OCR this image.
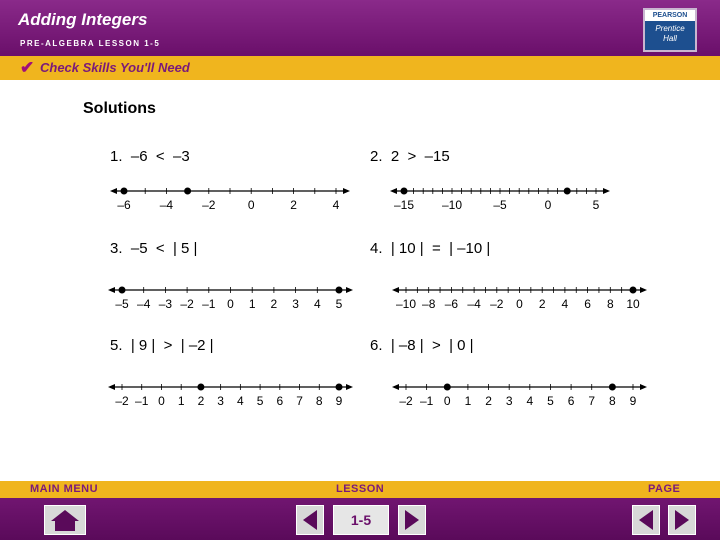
Adding Integers
PRE-ALGEBRA LESSON 1-5
PEARSON
Prentice
Hall
✔ Check Skills You'll Need
Solutions
1. –6  <  –3	2. 2  >  –15
3. –5  <  | 5 |	4. | 10 |  =  | –10 |
5. | 9 |  >  | –2 |	6. | –8 |  >  | 0 |
–6 –4 –2	0	2	4	–15 –10	–5	0	5
–5 –4 –3 –2 –1 0 1 2 3 4 5	–10 –8 –6 –4 –2 0 2 4 6 8 10
–2 –1 0 1 2 3 4 5 6 7 8 9	–2 –1 0 1 2 3 4 5 6 7 8 9
MAIN MENU	LESSON	PAGE
1-5
